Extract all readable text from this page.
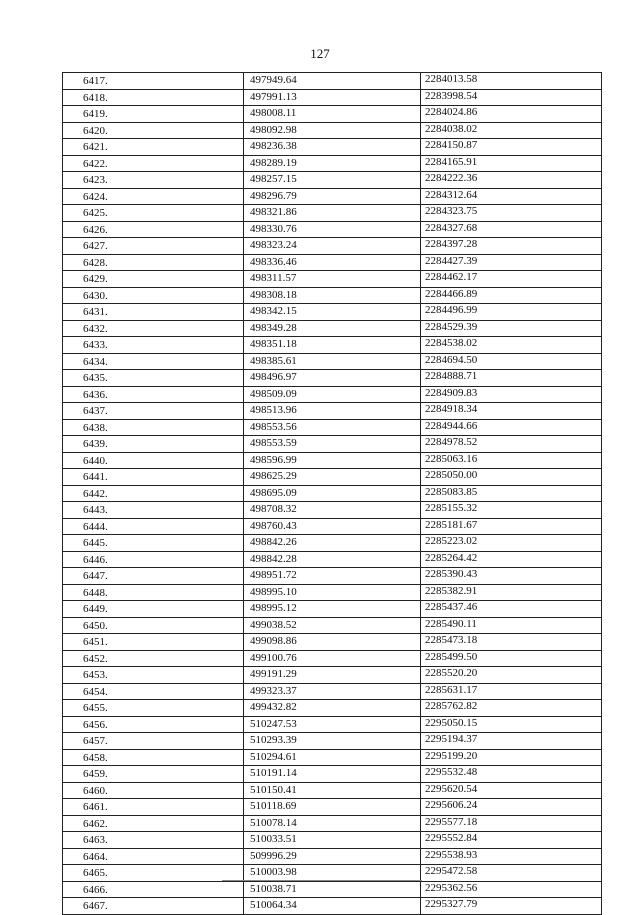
127
6417.	497949.64	2284013.58
6418.	497991.13	2283998.54
6419.	498008.11	2284024.86
6420.	498092.98	2284038.02
6421.	498236.38	2284150.87
6422.	498289.19	2284165.91
6423.	498257.15	2284222.36
6424.	498296.79	2284312.64
6425.	498321.86	2284323.75
6426.	498330.76	2284327.68
6427.	498323.24	2284397.28
6428.	498336.46	2284427.39
6429.	498311.57	2284462.17
6430.	498308.18	2284466.89
6431.	498342.15	2284496.99
6432.	498349.28	2284529.39
6433.	498351.18	2284538.02
6434.	498385.61	2284694.50
6435.	498496.97	2284888.71
6436.	498509.09	2284909.83
6437.	498513.96	2284918.34
6438.	498553.56	2284944.66
6439.	498553.59	2284978.52
6440.	498596.99	2285063.16
6441.	498625.29	2285050.00
6442.	498695.09	2285083.85
6443.	498708.32	2285155.32
6444.	498760.43	2285181.67
6445.	498842.26	2285223.02
6446.	498842.28	2285264.42
6447.	498951.72	2285390.43
6448.	498995.10	2285382.91
6449.	498995.12	2285437.46
6450.	499038.52	2285490.11
6451.	499098.86	2285473.18
6452.	499100.76	2285499.50
6453.	499191.29	2285520.20
6454.	499323.37	2285631.17
6455.	499432.82	2285762.82
6456.	510247.53	2295050.15
6457.	510293.39	2295194.37
6458.	510294.61	2295199.20
6459.	510191.14	2295532.48
6460.	510150.41	2295620.54
6461.	510118.69	2295606.24
6462.	510078.14	2295577.18
6463.	510033.51	2295552.84
6464.	509996.29	2295538.93
6465.	510003.98	2295472.58
6466.	510038.71	2295362.56
6467.	510064.34	2295327.79
